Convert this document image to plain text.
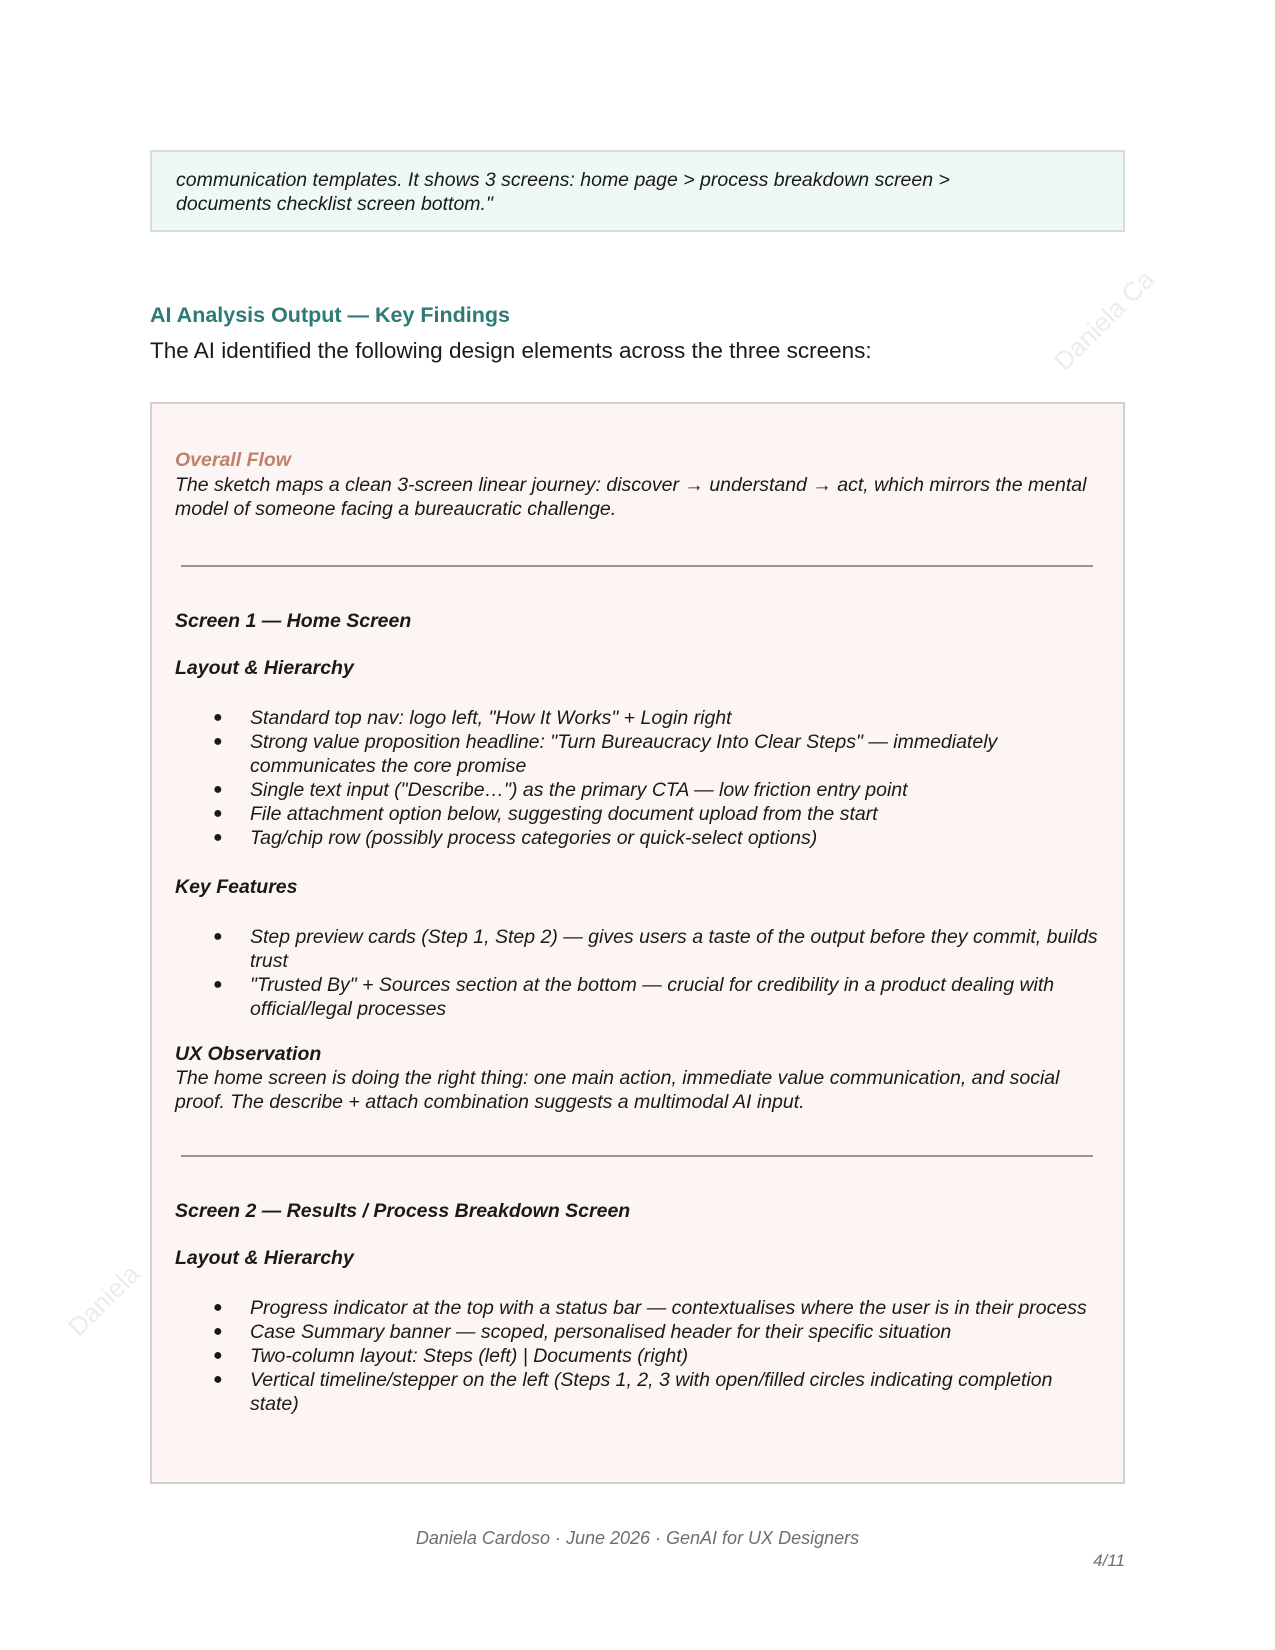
Daniela Ca
Daniela
communication templates. It shows 3 screens: home page > process breakdown screen >
documents checklist screen bottom."
AI Analysis Output — Key Findings

The AI identified the following design elements across the three screens:

Overall Flow

The sketch maps a clean 3-screen linear journey: discover → understand → act, which mirrors the mental model of someone facing a bureaucratic challenge.

Screen 1 — Home Screen

Layout & Hierarchy

● Standard top nav: logo left, "How It Works" + Login right
● Strong value proposition headline: "Turn Bureaucracy Into Clear Steps" — immediately communicates the core promise
● Single text input ("Describe…") as the primary CTA — low friction entry point
● File attachment option below, suggesting document upload from the start
● Tag/chip row (possibly process categories or quick-select options)

Key Features

● Step preview cards (Step 1, Step 2) — gives users a taste of the output before they commit, builds trust
● "Trusted By" + Sources section at the bottom — crucial for credibility in a product dealing with official/legal processes

UX Observation

The home screen is doing the right thing: one main action, immediate value communication, and social proof. The describe + attach combination suggests a multimodal AI input.

Screen 2 — Results / Process Breakdown Screen

Layout & Hierarchy

● Progress indicator at the top with a status bar — contextualises where the user is in their process
● Case Summary banner — scoped, personalised header for their specific situation
● Two-column layout: Steps (left) | Documents (right)
● Vertical timeline/stepper on the left (Steps 1, 2, 3 with open/filled circles indicating completion state)
Daniela Cardoso · June 2026 · GenAI for UX Designers
4/11
